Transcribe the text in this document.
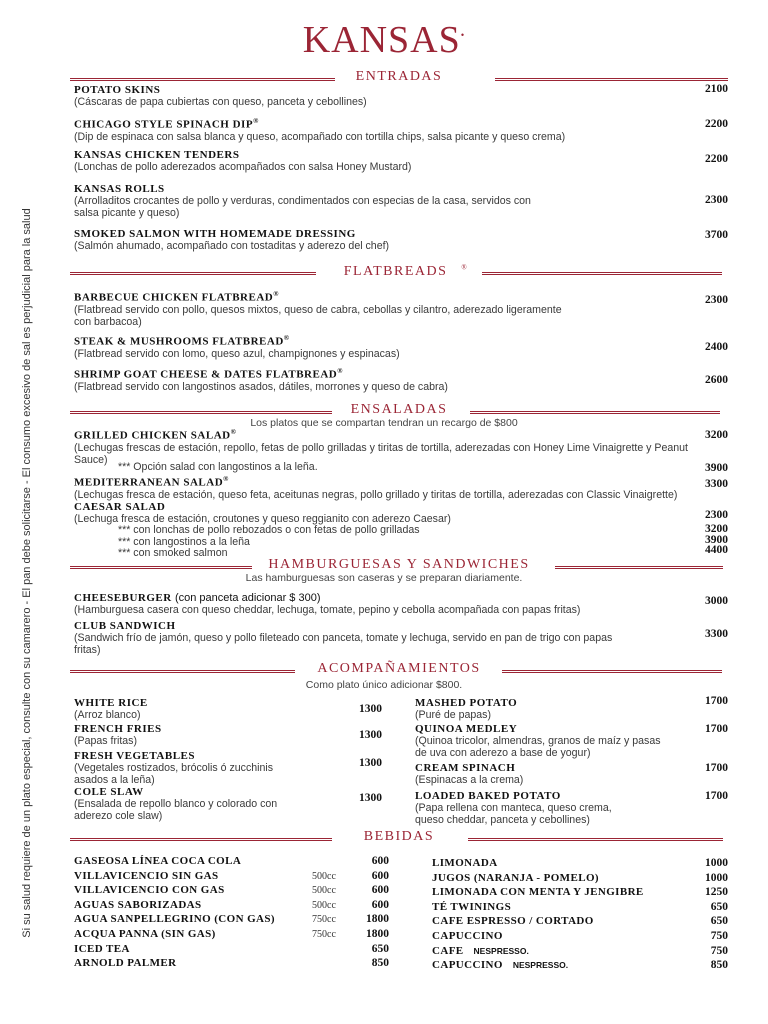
KANSAS•
Si su salud requiere de un plato especial, consulte con su camarero - El pan debe solicitarse - El consumo excesivo de sal es perjudicial para la salud
ENTRADAS
POTATO SKINS
(Cáscaras de papa cubiertas con queso, panceta y cebollines)
2100
CHICAGO STYLE SPINACH DIP®
(Dip de espinaca con salsa blanca y queso, acompañado con tortilla chips, salsa picante y queso crema)
2200
KANSAS CHICKEN TENDERS
(Lonchas de pollo aderezados acompañados con salsa Honey Mustard)
2200
KANSAS ROLLS
(Arrolladitos crocantes de pollo y verduras, condimentados con especias de la casa, servidos con salsa picante y queso)
2300
SMOKED SALMON WITH HOMEMADE DRESSING
(Salmón ahumado, acompañado con tostaditas y aderezo del chef)
3700
FLATBREADS ®
BARBECUE CHICKEN FLATBREAD®
(Flatbread servido con pollo, quesos mixtos, queso de cabra, cebollas y cilantro, aderezado ligeramente con barbacoa)
2300
STEAK & MUSHROOMS FLATBREAD®
(Flatbread servido con lomo, queso azul, champignones y espinacas)
2400
SHRIMP GOAT CHEESE & DATES FLATBREAD®
(Flatbread servido con langostinos asados, dátiles, morrones y queso de cabra)
2600
ENSALADAS
Los platos que se compartan tendran un recargo de $800
GRILLED CHICKEN SALAD®
(Lechugas frescas de estación, repollo, fetas de pollo grilladas y tiritas de tortilla, aderezadas con Honey Lime Vinaigrette y Peanut Sauce)
3200
*** Opción salad con langostinos a la leña.	3900
MEDITERRANEAN SALAD®
(Lechugas fresca de estación, queso feta, aceitunas negras, pollo grillado y tiritas de tortilla, aderezadas con Classic Vinaigrette)
3300
CAESAR SALAD
(Lechuga fresca de estación, croutones y queso reggianito con aderezo Caesar)	2300
*** con lonchas de pollo rebozados o con fetas de pollo grilladas	3200
*** con langostinos a la leña	3900
*** con smoked salmon	4400
HAMBURGUESAS Y SANDWICHES
Las hamburguesas son caseras y se preparan diariamente.
CHEESEBURGER (con panceta adicionar $ 300)
(Hamburguesa casera con queso cheddar, lechuga, tomate, pepino y cebolla acompañada con papas fritas)
3000
CLUB SANDWICH
(Sandwich frío de jamón, queso y pollo fileteado con panceta, tomate y lechuga, servido en pan de trigo con papas fritas)
3300
ACOMPAÑAMIENTOS
Como plato único adicionar $800.
WHITE RICE
(Arroz blanco)	1300
FRENCH FRIES
(Papas fritas)	1300
FRESH VEGETABLES
(Vegetales rostizados, brócolis ó zucchinis asados a la leña)
1300
COLE SLAW
(Ensalada de repollo blanco y colorado con aderezo cole slaw)
1300
MASHED POTATO
(Puré de papas)
1700
QUINOA MEDLEY
(Quinoa tricolor, almendras, granos de maíz y pasas de uva con aderezo a base de yogur)
1700
CREAM SPINACH
(Espinacas a la crema)
1700
LOADED BAKED POTATO
(Papa rellena con manteca, queso crema, queso cheddar, panceta y cebollines)
1700
BEBIDAS
GASEOSA LÍNEA COCA COLA	600
VILLAVICENCIO SIN GAS	500cc	600
VILLAVICENCIO CON GAS	500cc	600
AGUAS SABORIZADAS	500cc	600
AGUA SANPELLEGRINO (CON GAS)	750cc	1800
ACQUA PANNA (SIN GAS)	750cc	1800
ICED TEA	650
ARNOLD PALMER	850
LIMONADA	1000
JUGOS (NARANJA - POMELO)	1000
LIMONADA CON MENTA Y JENGIBRE	1250
TÉ TWININGS	650
CAFE ESPRESSO / CORTADO	650
CAPUCCINO	750
CAFE NESPRESSO.	750
CAPUCCINO NESPRESSO.	850
